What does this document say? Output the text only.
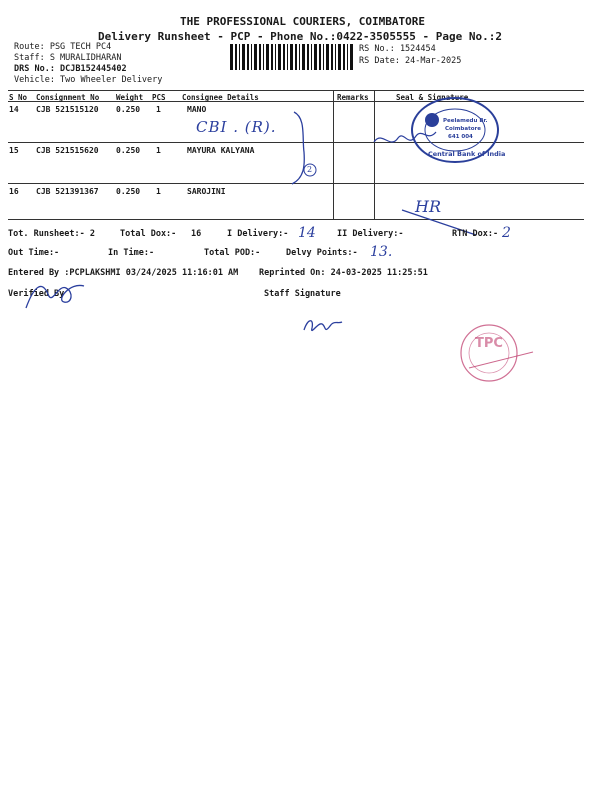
THE PROFESSIONAL COURIERS, COIMBATORE
Delivery Runsheet - PCP - Phone No.:0422-3505555 - Page No.:2
Route: PSG TECH PC4
Staff: S MURALIDHARAN
DRS No.: DCJB152445402
Vehicle: Two Wheeler Delivery
RS No.: 1524454
RS Date: 24-Mar-2025
S No Consignment No Weight PCS Consignee Details	Remarks	Seal & Signature
14 CJB 521515120 0.250 1	MANO
15 CJB 521515620 0.250 1	MAYURA KALYANA
16 CJB 521391367 0.250 1	SAROJINI
CBI . (R).
2
HR
Peelamedu Br.
Coimbatore
641 004
Central Bank of India
Tot. Runsheet:- 2	Total Dox:- 16	I Delivery:- 14 II Delivery:-	RTN Dox:- 2
Out Time:-	In Time:-	Total POD:-	Delvy Points:- 13.
Entered By :PCPLAKSHMI 03/24/2025 11:16:01 AM Reprinted On: 24-03-2025 11:25:51
Verified By	Staff Signature
TPC
